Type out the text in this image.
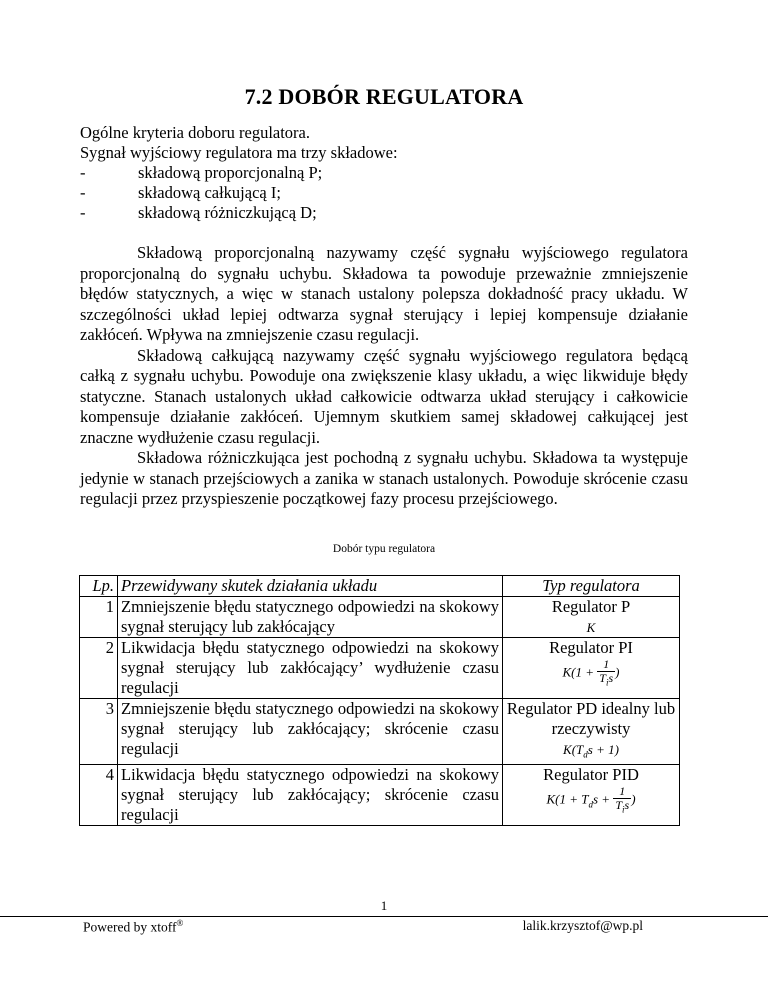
7.2 DOBÓR REGULATORA
Ogólne kryteria doboru regulatora.
Sygnał wyjściowy regulatora ma trzy składowe:
-	składową proporcjonalną P;
-	składową całkującą I;
-	składową różniczkującą D;

Składową proporcjonalną nazywamy część sygnału wyjściowego regulatora proporcjonalną do sygnału uchybu. Składowa ta powoduje przeważnie zmniejszenie błędów statycznych, a więc w stanach ustalony polepsza dokładność pracy układu. W szczególności układ lepiej odtwarza sygnał sterujący i lepiej kompensuje działanie zakłóceń. Wpływa na zmniejszenie czasu regulacji.

Składową całkującą nazywamy część sygnału wyjściowego regulatora będącą całką z sygnału uchybu. Powoduje ona zwiększenie klasy układu, a więc likwiduje błędy statyczne. Stanach ustalonych układ całkowicie odtwarza układ sterujący i całkowicie kompensuje działanie zakłóceń. Ujemnym skutkiem samej składowej całkującej jest znaczne wydłużenie czasu regulacji.

Składowa różniczkująca jest pochodną z sygnału uchybu. Składowa ta występuje jedynie w stanach przejściowych a zanika w stanach ustalonych. Powoduje skrócenie czasu regulacji przez przyspieszenie początkowej fazy procesu przejściowego.

Dobór typu regulatora
Lp.	Przewidywany skutek działania układu	Typ regulatora
1	Zmniejszenie błędu statycznego odpowiedzi na skokowy sygnał sterujący lub zakłócający	Regulator P
K
2	Likwidacja błędu statycznego odpowiedzi na skokowy sygnał sterujący lub zakłócający’ wydłużenie czasu regulacji	Regulator PI
$K(1 + \frac{1}{T_is}$ )
3	Zmniejszenie błędu statycznego odpowiedzi na skokowy sygnał sterujący lub zakłócający; skrócenie czasu regulacji	Regulator PD idealny lub rzeczywisty
$K(T_ds + 1)$
4	Likwidacja błędu statycznego odpowiedzi na skokowy sygnał sterujący lub zakłócający; skrócenie czasu regulacji	Regulator PID
$K(1 + T_ds + \frac{1}{T_is}$ )
1
Powered by xtoff®	lalik.krzysztof@wp.pl
